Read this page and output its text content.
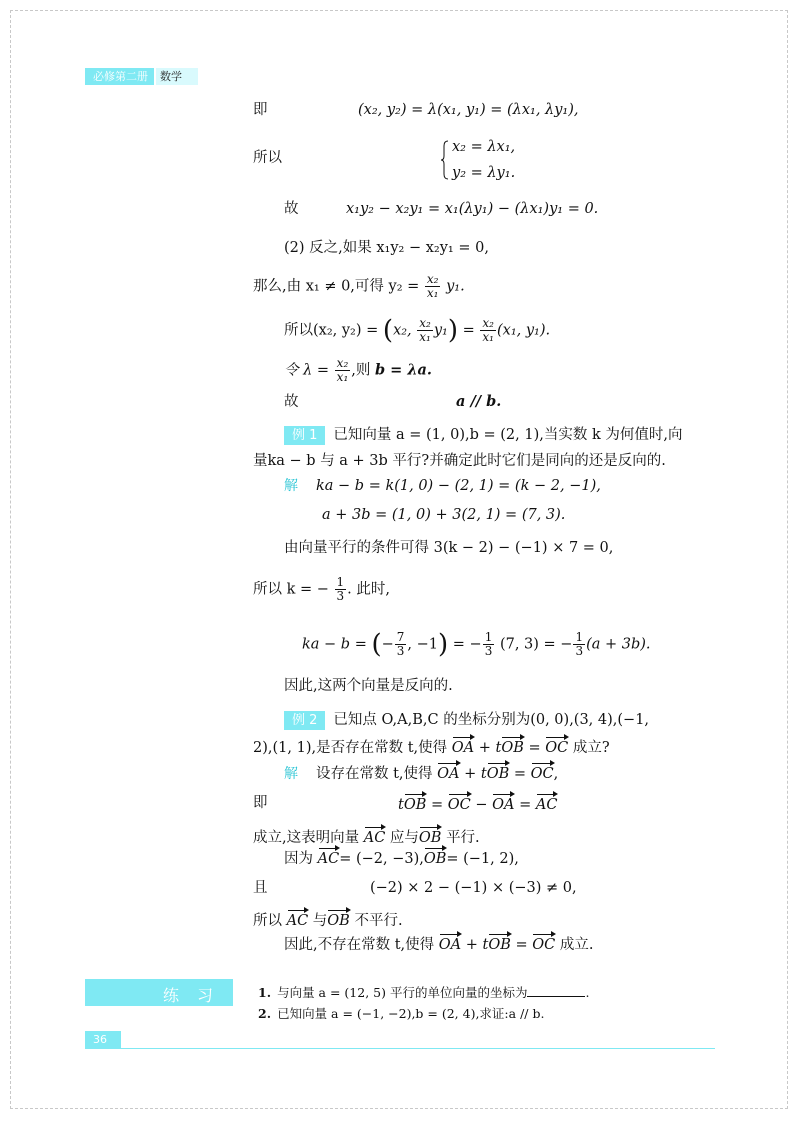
必修第二册	数学
即	(x₂, y₂) = λ(x₁, y₁) = (λx₁, λy₁),
所以
x₂ = λx₁,
y₂ = λy₁.
故	x₁y₂ − x₂y₁ = x₁(λy₁) − (λx₁)y₁ = 0.
(2) 反之,如果 x₁y₂ − x₂y₁ = 0,
那么,由 x₁ ≠ 0,可得 $y_2 = \frac{\text{x₂}}{\text{x₁}} y_1$.
所以(x₂, y₂) = (x₂, $\frac{\text{x₂}}{\text{x₁}} y_1) = \frac{\text{x₂}}{\text{x₁}} (x_1$, y₁).
令 $\lambda = \frac{\text{x₂}}{\text{x₁}}$ ,则 b = λa.
故	a // b.
例 1 已知向量 a = (1, 0),b = (2, 1),当实数 k 为何值时,向
量ka − b 与 a + 3b 平行?并确定此时它们是同向的还是反向的.
解 ka − b = k(1, 0) − (2, 1) = (k − 2, −1),
a + 3b = (1, 0) + 3(2, 1) = (7, 3).
由向量平行的条件可得 3(k − 2) − (−1) × 7 = 0,
所以 k = − $\frac{1}{3}$ . 此时,
ka − b = (− $\frac{7}{3}$ , −1) = − $\frac{1}{3} (7$, 3) = − $\frac{1}{3} (a + 3b)$.
因此,这两个向量是反向的.
例 2 已知点 O,A,B,C 的坐标分别为(0, 0),(3, 4),(−1,
2),(1, 1),是否存在常数 t,使得 OA + tOB = OC 成立?
解 设存在常数 t,使得 OA + tOB = OC,
即	tOB = OC − OA = AC
成立,这表明向量 AC 应与OB 平行.
因为 AC= (−2, −3),OB= (−1, 2),
且	(−2) × 2 − (−1) × (−3) ≠ 0,
所以 AC 与OB 不平行.
因此,不存在常数 t,使得 OA + tOB = OC 成立.
练习 1. 与向量 a = (12, 5) 平行的单位向量的坐标为	.
2. 已知向量 a = (−1, −2),b = (2, 4),求证:a // b.
36
